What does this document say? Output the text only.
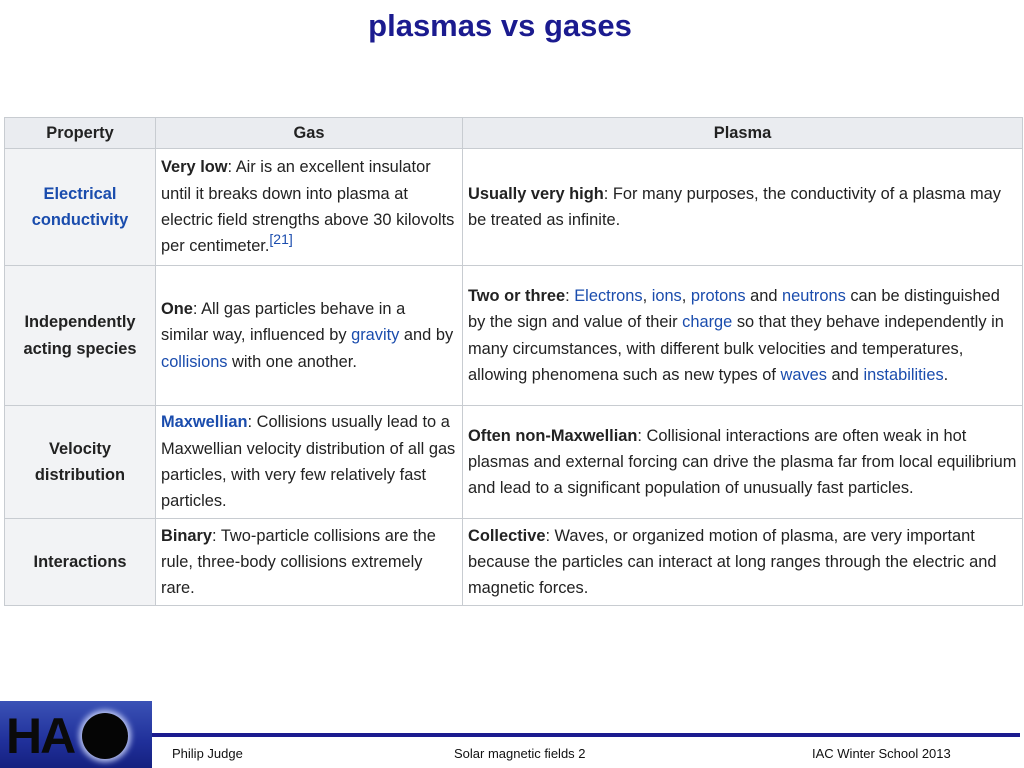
plasmas vs gases
Property	Gas	Plasma
Electrical conductivity	Very low: Air is an excellent insulator until it breaks down into plasma at electric field strengths above 30 kilovolts per centimeter.[21]	Usually very high: For many purposes, the conductivity of a plasma may be treated as infinite.
Independently acting species	One: All gas particles behave in a similar way, influenced by gravity and by collisions with one another.	Two or three: Electrons, ions, protons and neutrons can be distinguished by the sign and value of their charge so that they behave independently in many circumstances, with different bulk velocities and temperatures, allowing phenomena such as new types of waves and instabilities.
Velocity distribution	Maxwellian: Collisions usually lead to a Maxwellian velocity distribution of all gas particles, with very few relatively fast particles.	Often non-Maxwellian: Collisional interactions are often weak in hot plasmas and external forcing can drive the plasma far from local equilibrium and lead to a significant population of unusually fast particles.
Interactions	Binary: Two-particle collisions are the rule, three-body collisions extremely rare.	Collective: Waves, or organized motion of plasma, are very important because the particles can interact at long ranges through the electric and magnetic forces.
HA	Philip Judge	Solar magnetic fields 2	IAC Winter School 2013
